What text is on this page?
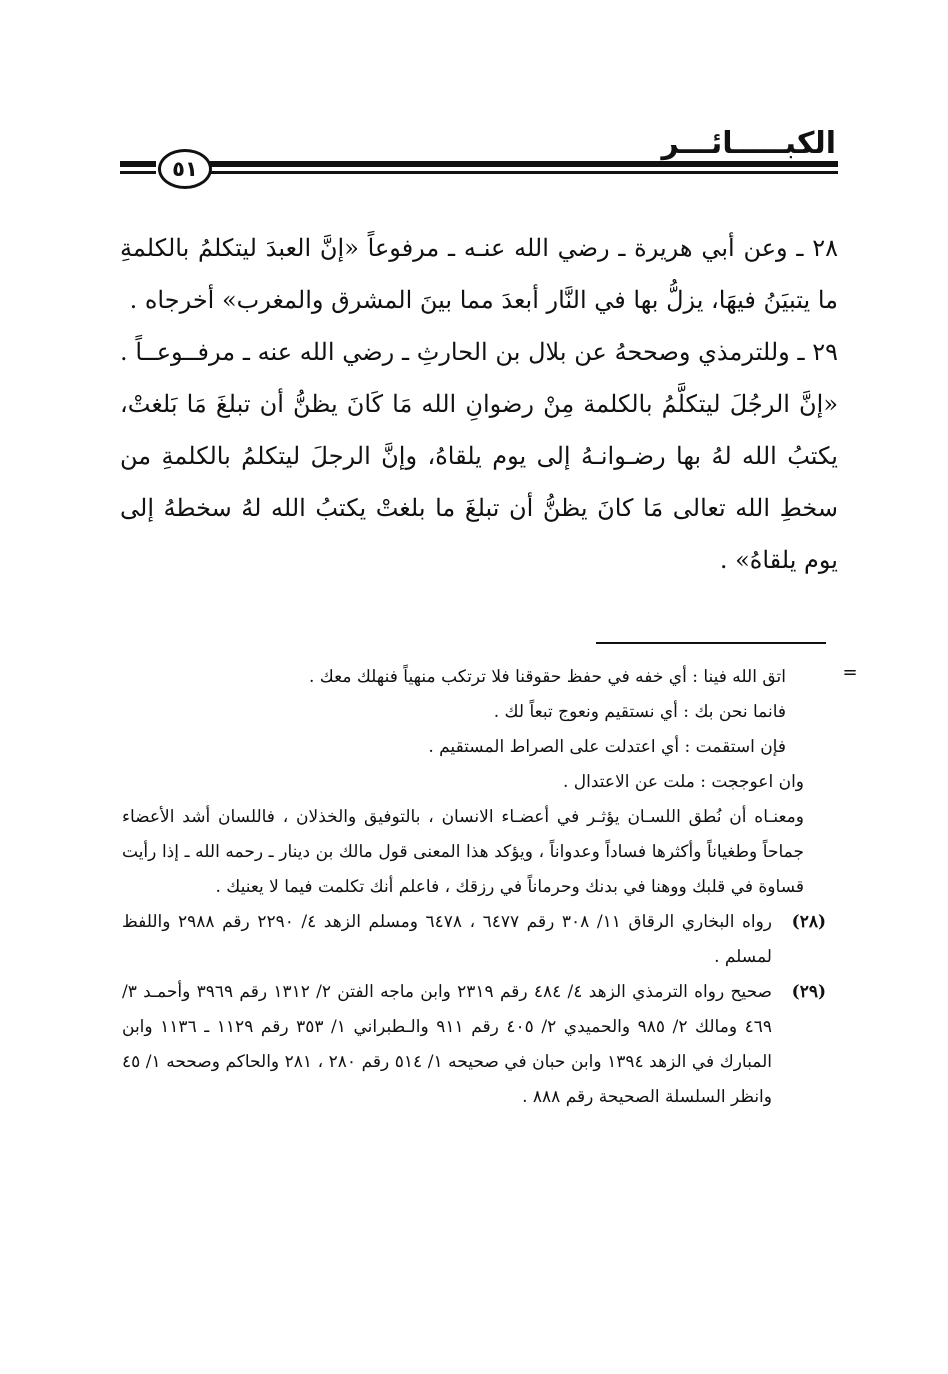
الكبـــــائـــر
٥١

٢٨ ـ وعن أبي هريرة ـ رضي الله عنـه ـ مرفوعاً «إنَّ العبدَ ليتكلمُ بالكلمةِ ما يتبيَنُ فيهَا، يزلُّ بها في النَّار أبعدَ مما بينَ المشرق والمغرب» أخرجاه .

٢٩ ـ وللترمذي وصححهُ عن بلال بن الحارثِ ـ رضي الله عنه ـ مرفــوعــاً . «إنَّ الرجُلَ ليتكلَّمُ بالكلمة مِنْ رضوانِ الله مَا كَانَ يظنُّ أن تبلغَ مَا بَلغتْ، يكتبُ الله لهُ بها رضـوانـهُ إلى يوم يلقاهُ، وإنَّ الرجلَ ليتكلمُ بالكلمةِ من سخطِ الله تعالى مَا كانَ يظنُّ أن تبلغَ ما بلغتْ يكتبُ الله لهُ سخطهُ إلى يوم يلقاهُ» .

=

اتق الله فينا : أي خفه في حفظ حقوقنا فلا ترتكب منهياً فنهلك معك .

فانما نحن بك : أي نستقيم ونعوج تبعاً لك .

فإن استقمت : أي اعتدلت على الصراط المستقيم .

وان اعوججت : ملت عن الاعتدال .

ومعنـاه أن نُطق اللسـان يؤثـر في أعضـاء الانسان ، بالتوفيق والخذلان ، فاللسان أشد الأعضاء جماحاً وطغياناً وأكثرها فساداً وعدواناً ، ويؤكد هذا المعنى قول مالك بن دينار ـ رحمه الله ـ إذا رأيت قساوة في قلبك ووهنا في بدنك وحرماناً في رزقك ، فاعلم أنك تكلمت فيما لا يعنيك .

(٢٨)

رواه البخاري الرقاق ١١/ ٣٠٨ رقم ٦٤٧٧ ، ٦٤٧٨ ومسلم الزهد ٤/ ٢٢٩٠ رقم ٢٩٨٨ واللفظ لمسلم .

(٢٩)

صحيح رواه الترمذي الزهد ٤/ ٤٨٤ رقم ٢٣١٩ وابن ماجه الفتن ٢/ ١٣١٢ رقم ٣٩٦٩ وأحمـد ٣/ ٤٦٩ ومالك ٢/ ٩٨٥ والحميدي ٢/ ٤٠٥ رقم ٩١١ والـطبراني ١/ ٣٥٣ رقم ١١٢٩ ـ ١١٣٦ وابن المبارك في الزهد ١٣٩٤ وابن حبان في صحيحه ١/ ٥١٤ رقم ٢٨٠ ، ٢٨١ والحاكم وصححه ١/ ٤٥ وانظر السلسلة الصحيحة رقم ٨٨٨ .
